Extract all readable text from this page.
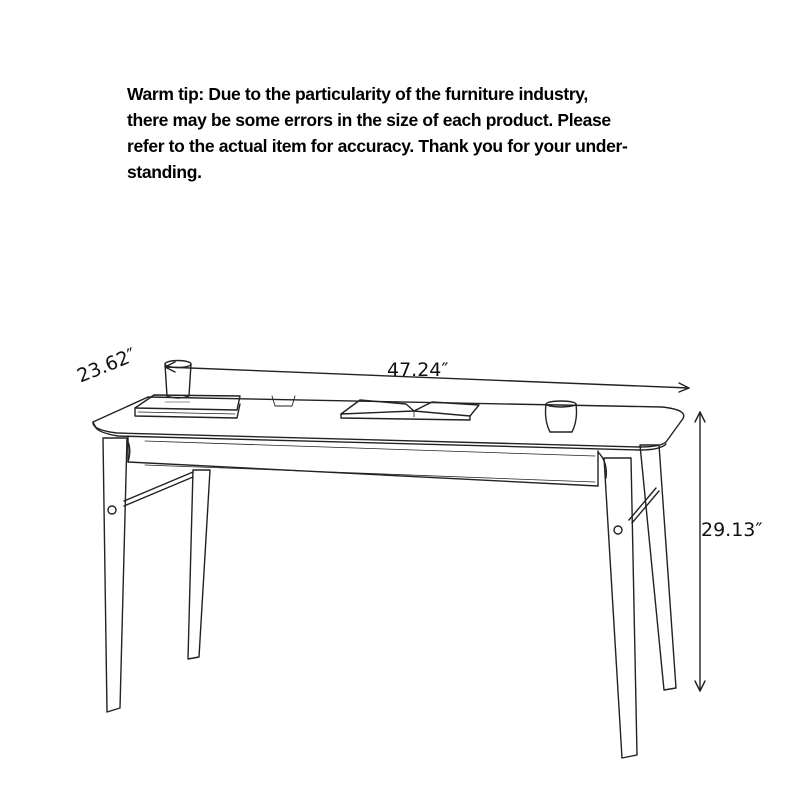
Warm tip: Due to the particularity of the furniture industry,
there may be some errors in the size of each product. Please
refer to the actual item for accuracy. Thank you for your under-
standing.
47.24″
23.62″
29.13″
